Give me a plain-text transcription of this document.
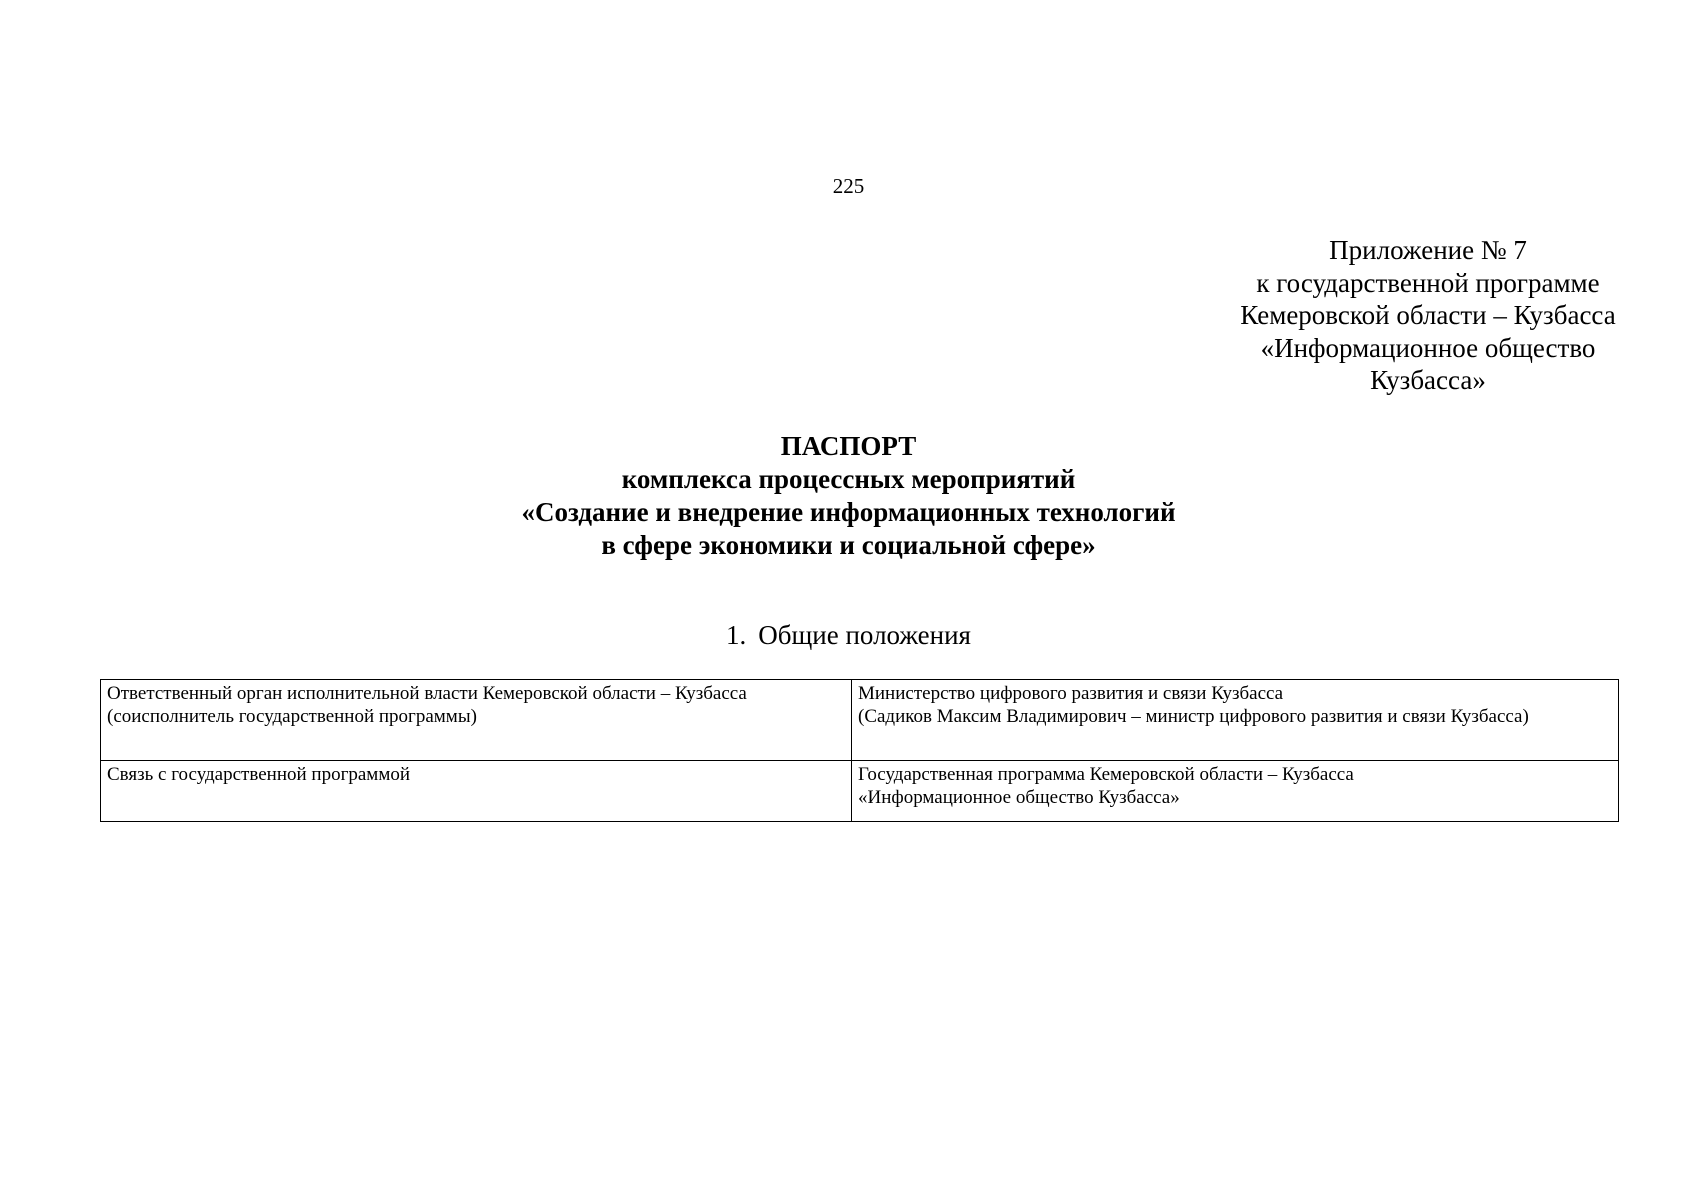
225
Приложение № 7
к государственной программе
Кемеровской области – Кузбасса
«Информационное общество
Кузбасса»
ПАСПОРТ
комплекса процессных мероприятий
«Создание и внедрение информационных технологий
в сфере экономики и социальной сфере»
1. Общие положения
Ответственный орган исполнительной власти Кемеровской области – Кузбасса
(соисполнитель государственной программы)	Министерство цифрового развития и связи Кузбасса
(Садиков Максим Владимирович – министр цифрового развития и связи Кузбасса)

Связь с государственной программой	Государственная программа Кемеровской области – Кузбасса
«Информационное общество Кузбасса»
